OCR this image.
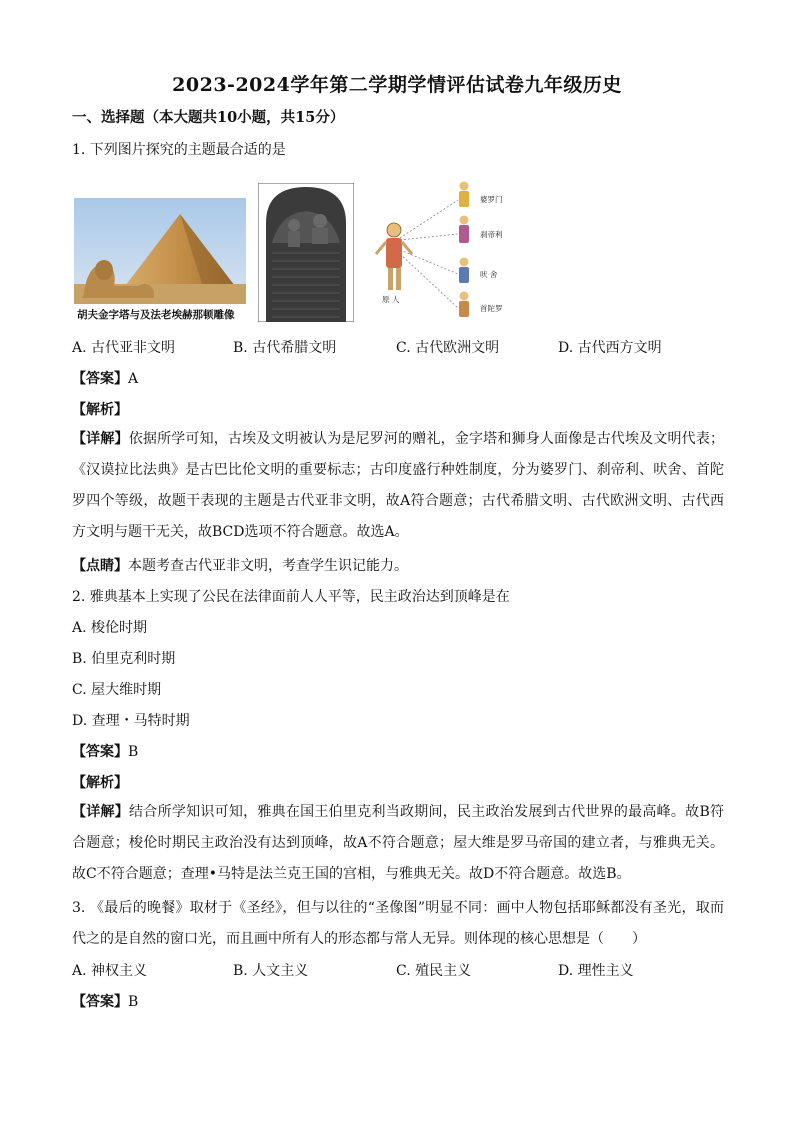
2023-2024学年第二学期学情评估试卷九年级历史
一、选择题（本大题共10小题，共15分）
1. 下列图片探究的主题最合适的是
胡夫金字塔与及法老埃赫那顿雕像
婆罗门
刹帝利
吠 舍
首陀罗
原 人
A. 古代亚非文明	B. 古代希腊文明	C. 古代欧洲文明	D. 古代西方文明
【答案】A
【解析】
【详解】依据所学可知，古埃及文明被认为是尼罗河的赠礼，金字塔和狮身人面像是古代埃及文明代表；《汉谟拉比法典》是古巴比伦文明的重要标志；古印度盛行种姓制度，分为婆罗门、刹帝利、吠舍、首陀罗四个等级，故题干表现的主题是古代亚非文明，故A符合题意；古代希腊文明、古代欧洲文明、古代西方文明与题干无关，故BCD选项不符合题意。故选A。
【点睛】本题考查古代亚非文明，考查学生识记能力。
2. 雅典基本上实现了公民在法律面前人人平等，民主政治达到顶峰是在
A. 梭伦时期
B. 伯里克利时期
C. 屋大维时期
D. 查理・马特时期
【答案】B
【解析】
【详解】结合所学知识可知，雅典在国王伯里克利当政期间，民主政治发展到古代世界的最高峰。故B符合题意；梭伦时期民主政治没有达到顶峰，故A不符合题意；屋大维是罗马帝国的建立者，与雅典无关。故C不符合题意；查理•马特是法兰克王国的宫相，与雅典无关。故D不符合题意。故选B。
3. 《最后的晚餐》取材于《圣经》，但与以往的“圣像图”明显不同：画中人物包括耶稣都没有圣光，取而代之的是自然的窗口光，而且画中所有人的形态都与常人无异。则体现的核心思想是（　　）
A. 神权主义	B. 人文主义	C. 殖民主义	D. 理性主义
【答案】B
